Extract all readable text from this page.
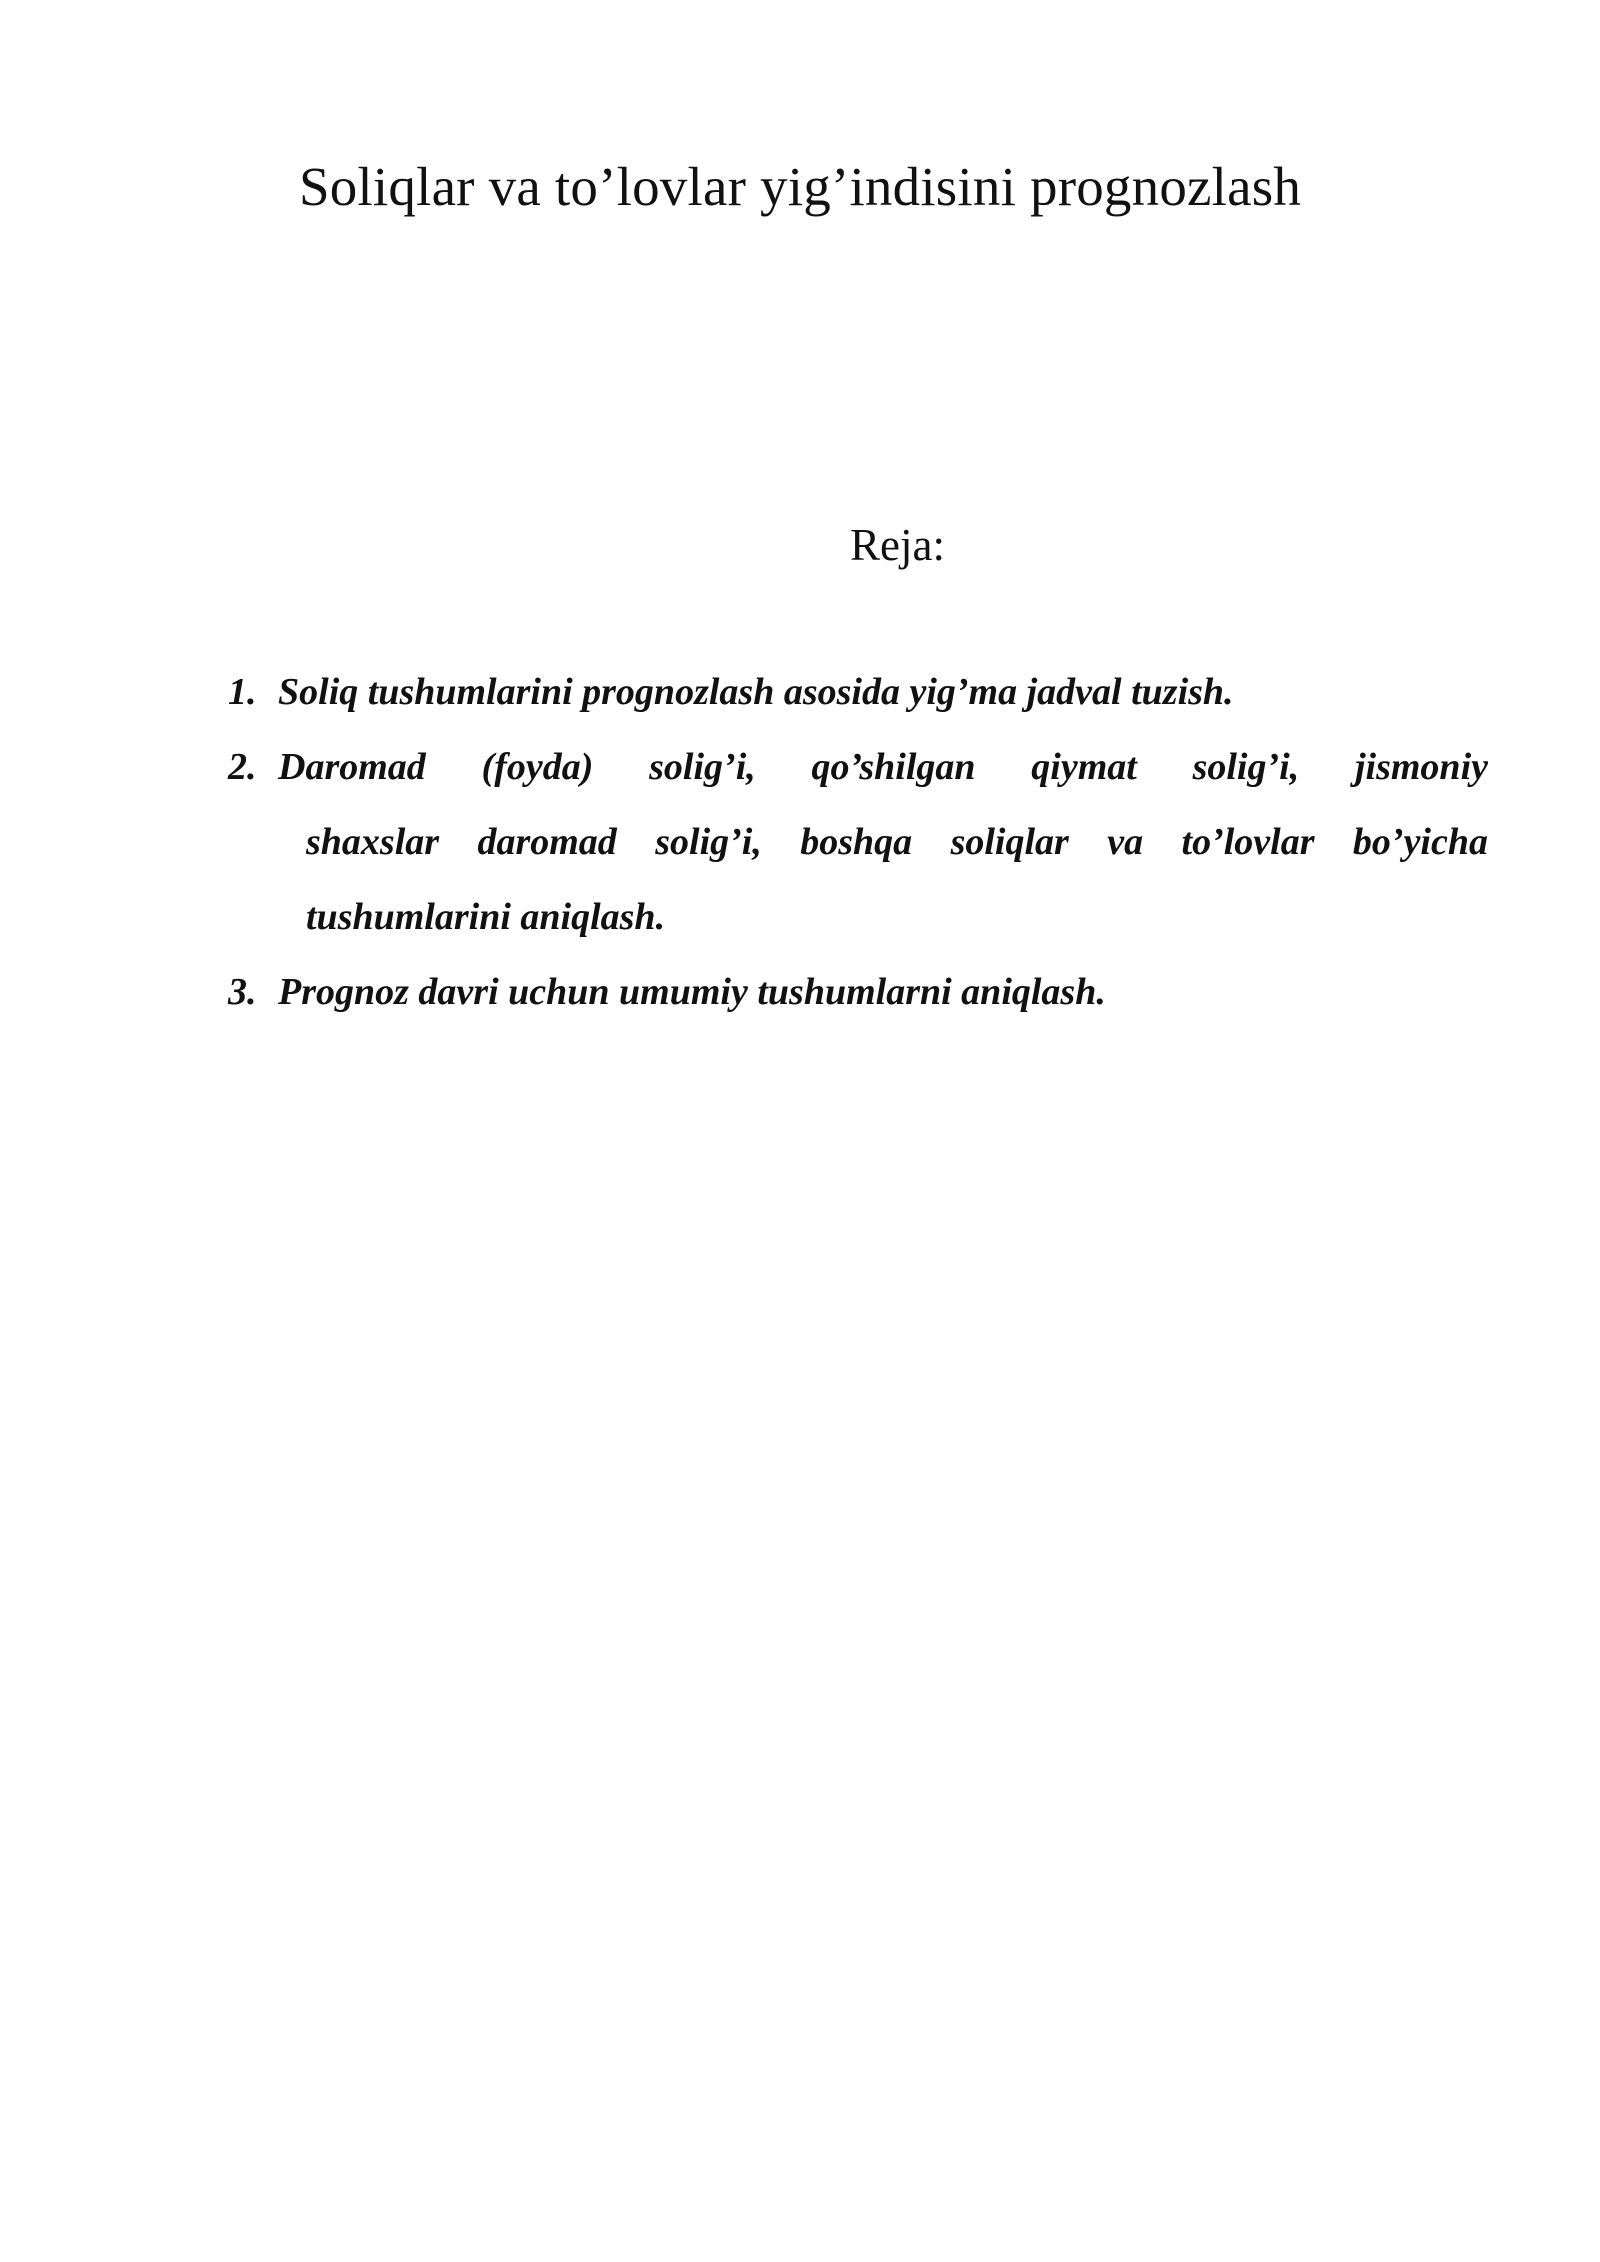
Soliqlar va to’lovlar yig’indisini prognozlash
Reja:
1. Soliq tushumlarini prognozlash asosida yig’ma jadval tuzish.
2. Daromad (foyda) solig’i, qo’shilgan qiymat solig’i, jismoniy
shaxslar daromad solig’i, boshqa soliqlar va to’lovlar bo’yicha
tushumlarini aniqlash.
3. Prognoz davri uchun umumiy tushumlarni aniqlash.
